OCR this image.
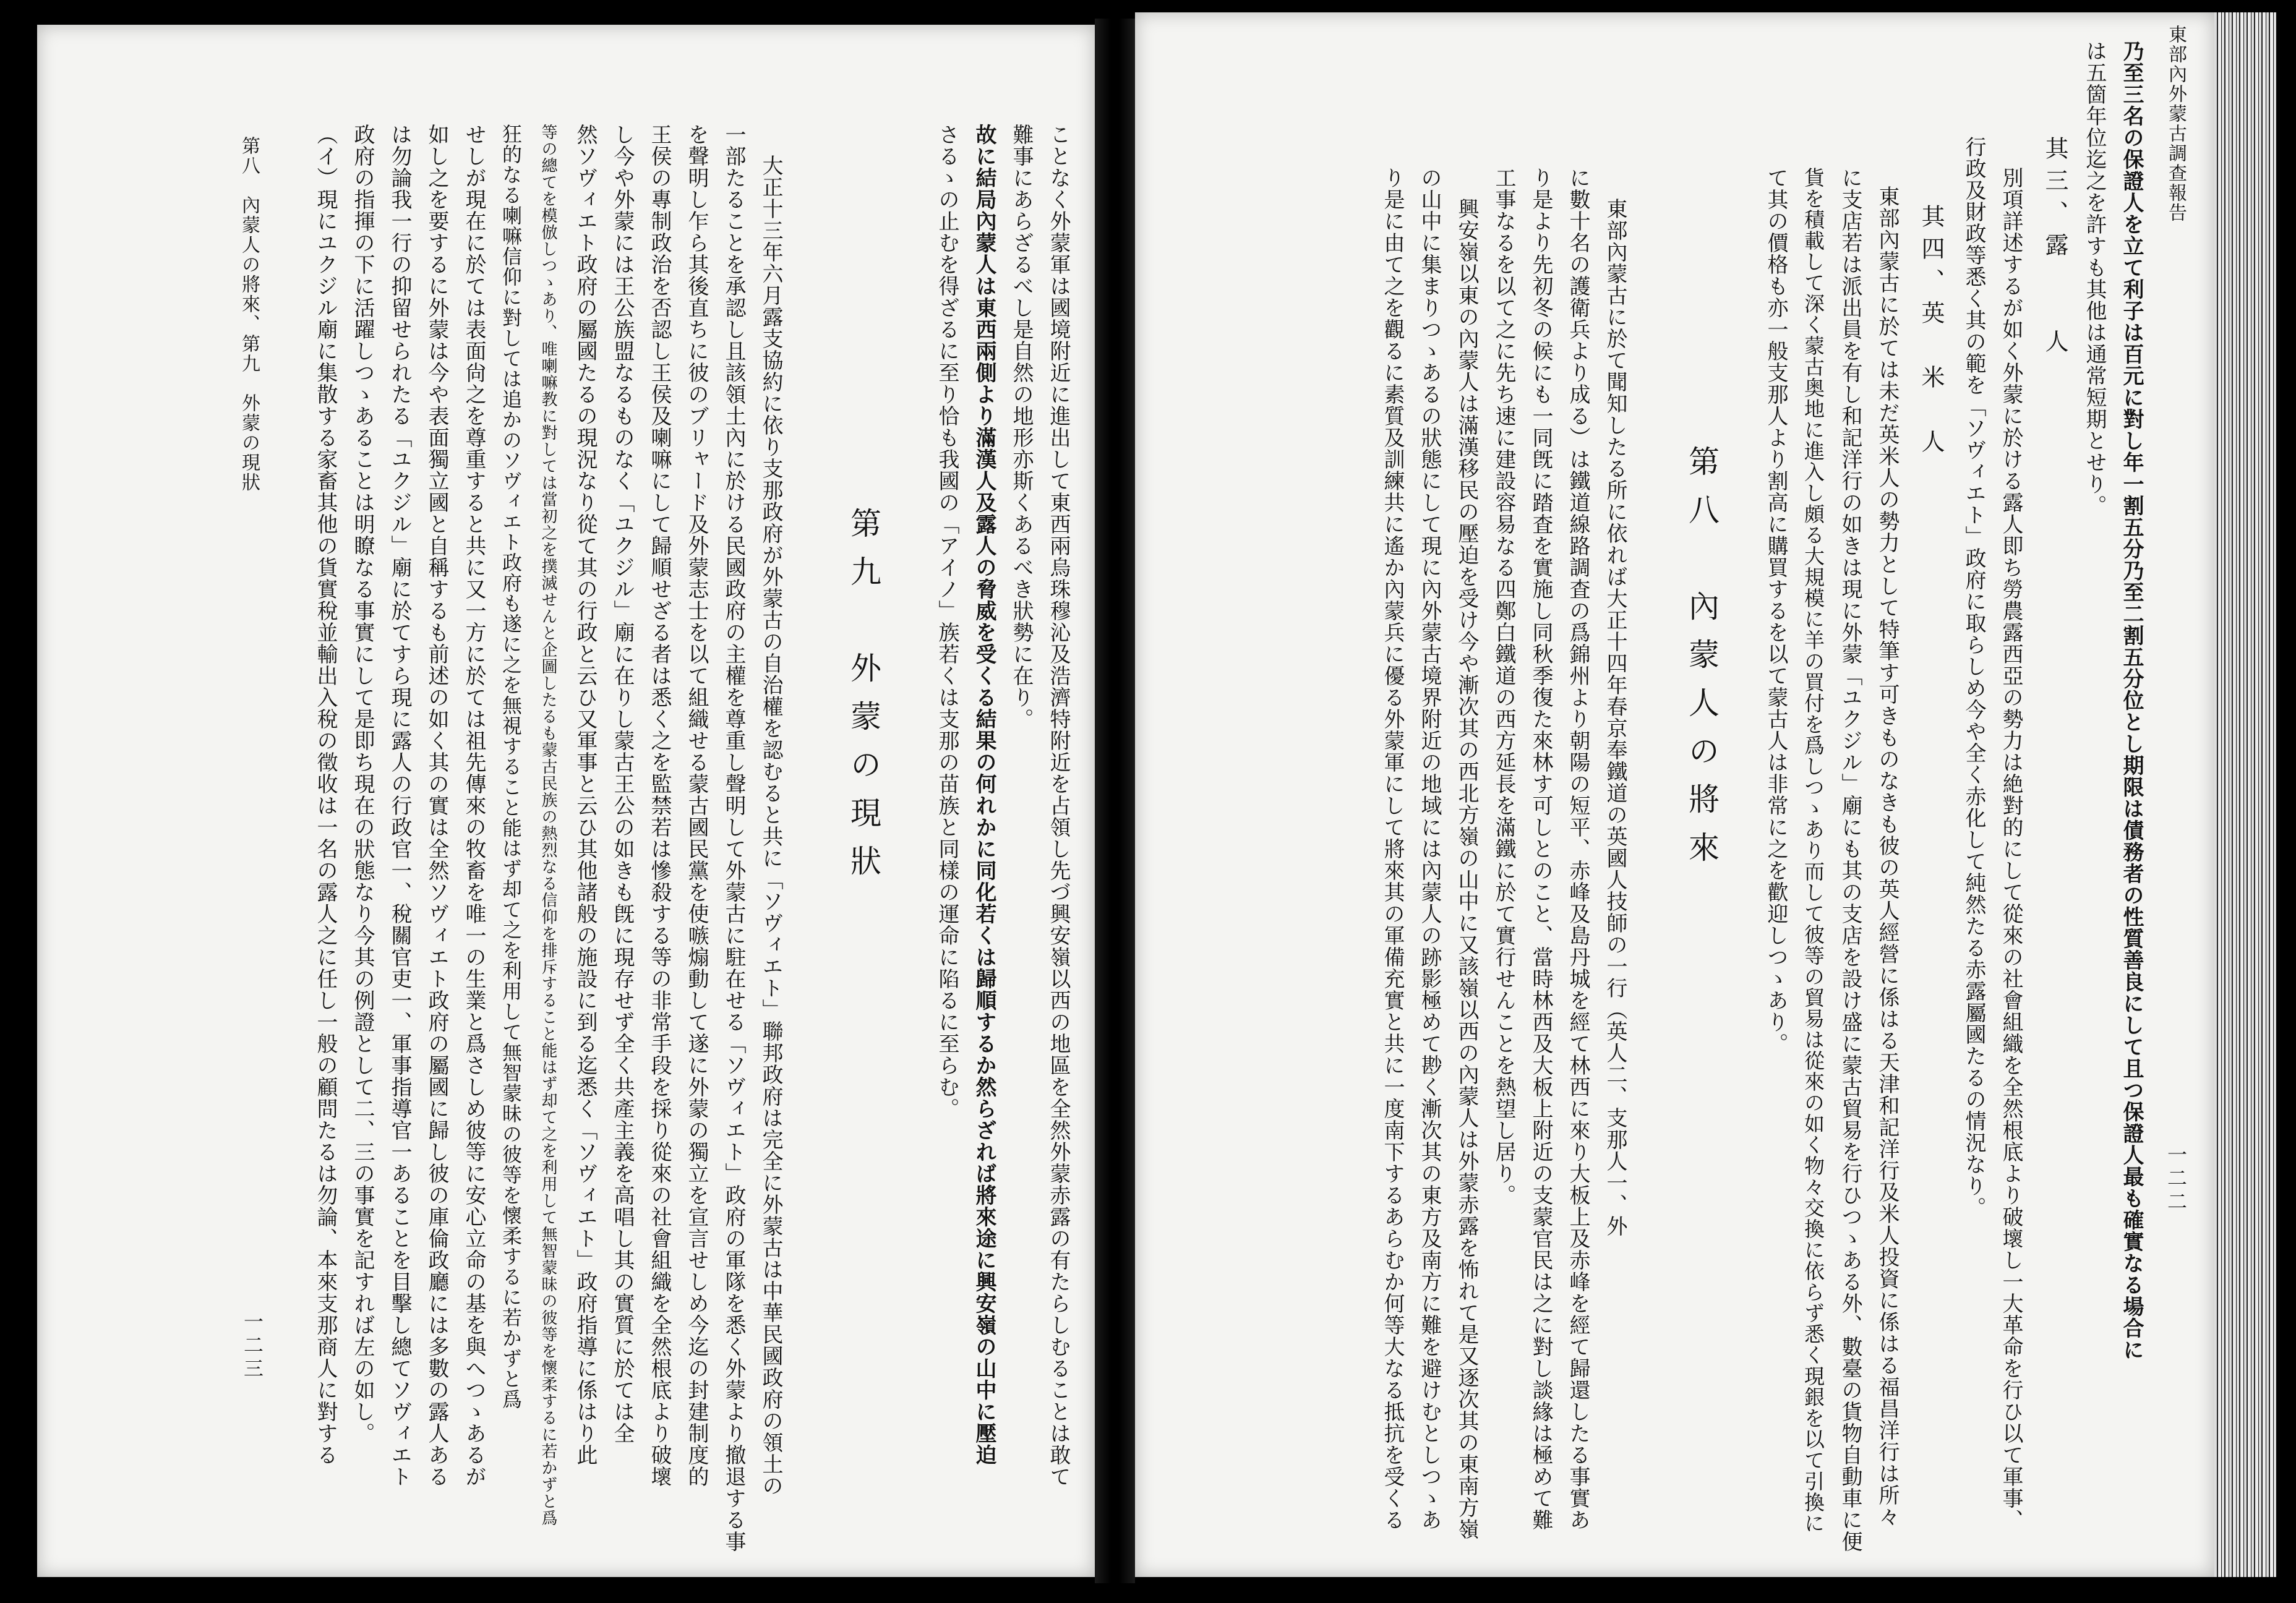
ことなく外蒙軍は國境附近に進出して東西兩烏珠穆沁及浩濟特附近を占領し先づ興安嶺以西の地區を全然外蒙赤露の有たらしむることは敢て
難事にあらざるべし是自然の地形亦斯くあるべき狀勢に在り。
故に結局內蒙人は東西兩側より滿漢人及露人の脅威を受くる結果の何れかに同化若くは歸順するか然らざれば將來途に興安嶺の山中に壓迫
さるゝの止むを得ざるに至り恰も我國の「アイノ」族若くは支那の苗族と同樣の運命に陷るに至らむ。
第九　外蒙の現狀
大正十三年六月露支協約に依り支那政府が外蒙古の自治權を認むると共に「ソヴィエト」聯邦政府は完全に外蒙古は中華民國政府の領土の
一部たることを承認し且該領土內に於ける民國政府の主權を尊重し聲明して外蒙古に駐在せる「ソヴィエト」政府の軍隊を悉く外蒙より撤退する事
を聲明し乍ら其後直ちに彼のブリャード及外蒙志士を以て組織せる蒙古國民黨を使嗾煽動して遂に外蒙の獨立を宣言せしめ今迄の封建制度的
王侯の專制政治を否認し王侯及喇嘛にして歸順せざる者は悉く之を監禁若は慘殺する等の非常手段を採り從來の社會組織を全然根底より破壞
し今や外蒙には王公族盟なるものなく「ユクジル」廟に在りし蒙古王公の如きも旣に現存せず全く共產主義を高唱し其の實質に於ては全
然ソヴィエト政府の屬國たるの現況なり從て其の行政と云ひ又軍事と云ひ其他諸般の施設に到る迄悉く「ソヴィエト」政府指導に係はり此
等の總てを模倣しつゝあり、唯喇嘛教に對しては當初之を撲滅せんと企圖したるも蒙古民族の熱烈なる信仰を排斥すること能はず却て之を利用して無智蒙昧の彼等を懷柔するに若かずと爲
狂的なる喇嘛信仰に對しては追かのソヴィエト政府も遂に之を無視すること能はず却て之を利用して無智蒙昧の彼等を懷柔するに若かずと爲
せしが現在に於ては表面尙之を尊重すると共に又一方に於ては祖先傳來の牧畜を唯一の生業と爲さしめ彼等に安心立命の基を與へつゝあるが
如し之を要するに外蒙は今や表面獨立國と自稱するも前述の如く其の實は全然ソヴィエト政府の屬國に歸し彼の庫倫政廳には多數の露人ある
は勿論我一行の抑留せられたる「ユクジル」廟に於てすら現に露人の行政官一、稅關官吏一、軍事指導官一あることを目擊し總てソヴィエト
政府の指揮の下に活躍しつゝあることは明瞭なる事實にして是即ち現在の狀態なり今其の例證として二、三の事實を記すれば左の如し。
（イ）現にユクジル廟に集散する家畜其他の貨實稅並輸出入稅の徵收は一名の露人之に任し一般の顧問たるは勿論、本來支那商人に對する
第八　內蒙人の將來、第九　外蒙の現狀
一二三
東部內外蒙古調查報告
一二二
乃至三名の保證人を立て利子は百元に對し年一割五分乃至二割五分位とし期限は債務者の性質善良にして且つ保證人最も確實なる場合に
は五箇年位迄之を許すも其他は通常短期とせり。
其三、露　　人
別項詳述するが如く外蒙に於ける露人即ち勞農露西亞の勢力は絶對的にして從來の社會組織を全然根底より破壞し一大革命を行ひ以て軍事、
行政及財政等悉く其の範を「ソヴィエト」政府に取らしめ今や全く赤化して純然たる赤露屬國たるの情況なり。
其四、英　米　人
東部內蒙古に於ては未だ英米人の勢力として特筆す可きものなきも彼の英人經營に係はる天津和記洋行及米人投資に係はる福昌洋行は所々
に支店若は派出員を有し和記洋行の如きは現に外蒙「ユクジル」廟にも其の支店を設け盛に蒙古貿易を行ひつゝある外、數臺の貨物自動車に便
貨を積載して深く蒙古奥地に進入し頗る大規模に羊の買付を爲しつゝあり而して彼等の貿易は從來の如く物々交換に依らず悉く現銀を以て引換に
て其の價格も亦一般支那人より割高に購買するを以て蒙古人は非常に之を歡迎しつゝあり。
第八　內蒙人の將來
東部內蒙古に於て聞知したる所に依れば大正十四年春京奉鐵道の英國人技師の一行（英人二、支那人一、外
に數十名の護衛兵より成る）は鐵道線路調査の爲錦州より朝陽の短平、赤峰及島丹城を經て林西に來り大板上及赤峰を經て歸還したる事實あ
り是より先初冬の候にも一同旣に踏査を實施し同秋季復た來林す可しとのこと、當時林西及大板上附近の支蒙官民は之に對し談緣は極めて難
工事なるを以て之に先ち速に建設容易なる四鄭白鐵道の西方延長を滿鐵に於て實行せんことを熱望し居り。
興安嶺以東の內蒙人は滿漢移民の壓迫を受け今や漸次其の西北方嶺の山中に又該嶺以西の內蒙人は外蒙赤露を怖れて是又逐次其の東南方嶺
の山中に集まりつゝあるの狀態にして現に內外蒙古境界附近の地域には內蒙人の跡影極めて尠く漸次其の東方及南方に難を避けむとしつゝあ
り是に由て之を觀るに素質及訓練共に遙か內蒙兵に優る外蒙軍にして將來其の軍備充實と共に一度南下するあらむか何等大なる抵抗を受くる
